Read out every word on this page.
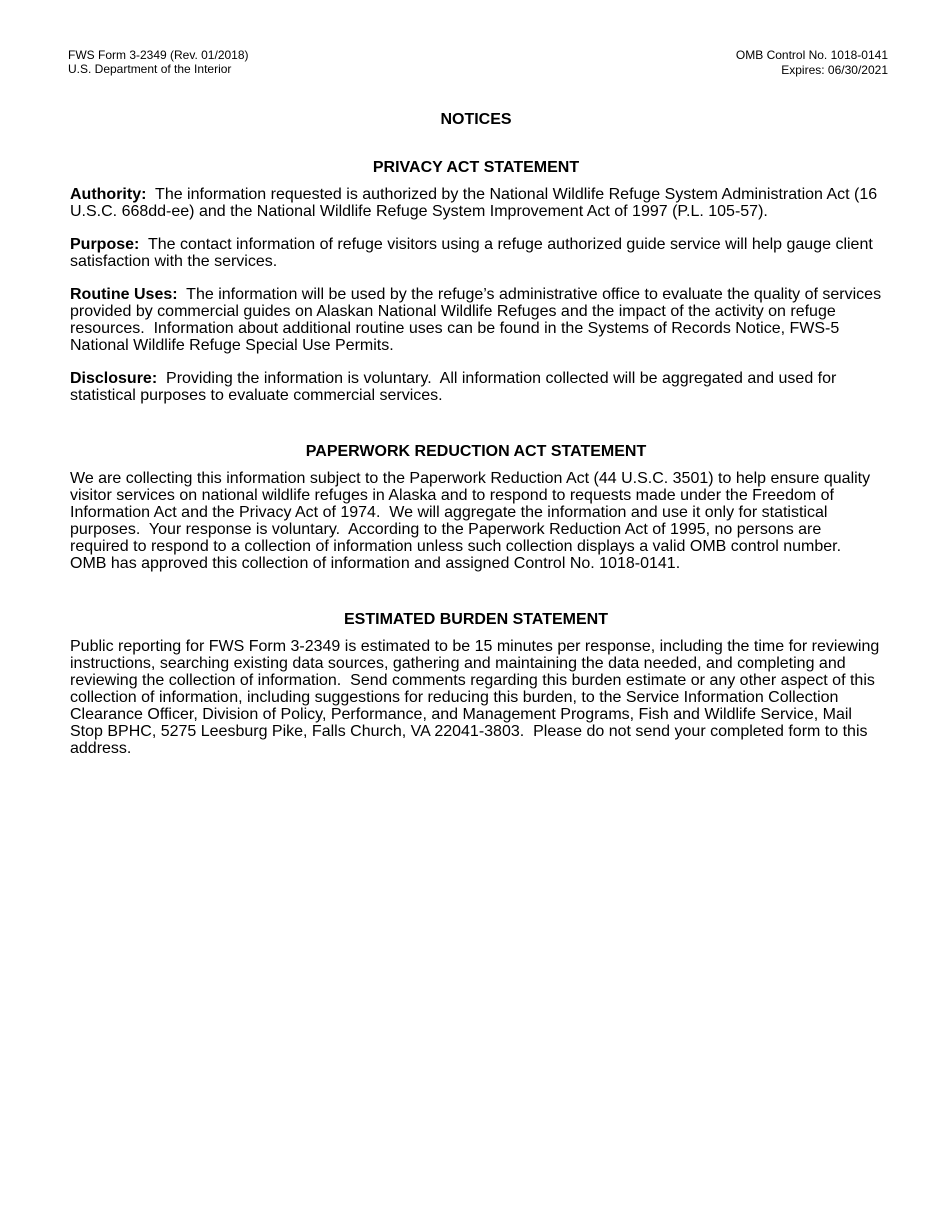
FWS Form 3-2349 (Rev. 01/2018)
U.S. Department of the Interior
OMB Control No. 1018-0141
Expires: 06/30/2021
NOTICES
PRIVACY ACT STATEMENT

Authority:  The information requested is authorized by the National Wildlife Refuge System Administration Act (16 U.S.C. 668dd-ee) and the National Wildlife Refuge System Improvement Act of 1997 (P.L. 105-57).

Purpose:  The contact information of refuge visitors using a refuge authorized guide service will help gauge client satisfaction with the services.

Routine Uses:  The information will be used by the refuge’s administrative office to evaluate the quality of services provided by commercial guides on Alaskan National Wildlife Refuges and the impact of the activity on refuge resources.  Information about additional routine uses can be found in the Systems of Records Notice, FWS-5 National Wildlife Refuge Special Use Permits.

Disclosure:  Providing the information is voluntary.  All information collected will be aggregated and used for statistical purposes to evaluate commercial services.

PAPERWORK REDUCTION ACT STATEMENT

We are collecting this information subject to the Paperwork Reduction Act (44 U.S.C. 3501) to help ensure quality visitor services on national wildlife refuges in Alaska and to respond to requests made under the Freedom of Information Act and the Privacy Act of 1974.  We will aggregate the information and use it only for statistical purposes.  Your response is voluntary.  According to the Paperwork Reduction Act of 1995, no persons are required to respond to a collection of information unless such collection displays a valid OMB control number.  OMB has approved this collection of information and assigned Control No. 1018-0141.

ESTIMATED BURDEN STATEMENT

Public reporting for FWS Form 3-2349 is estimated to be 15 minutes per response, including the time for reviewing instructions, searching existing data sources, gathering and maintaining the data needed, and completing and reviewing the collection of information.  Send comments regarding this burden estimate or any other aspect of this collection of information, including suggestions for reducing this burden, to the Service Information Collection Clearance Officer, Division of Policy, Performance, and Management Programs, Fish and Wildlife Service, Mail Stop BPHC, 5275 Leesburg Pike, Falls Church, VA 22041-3803.  Please do not send your completed form to this address.
